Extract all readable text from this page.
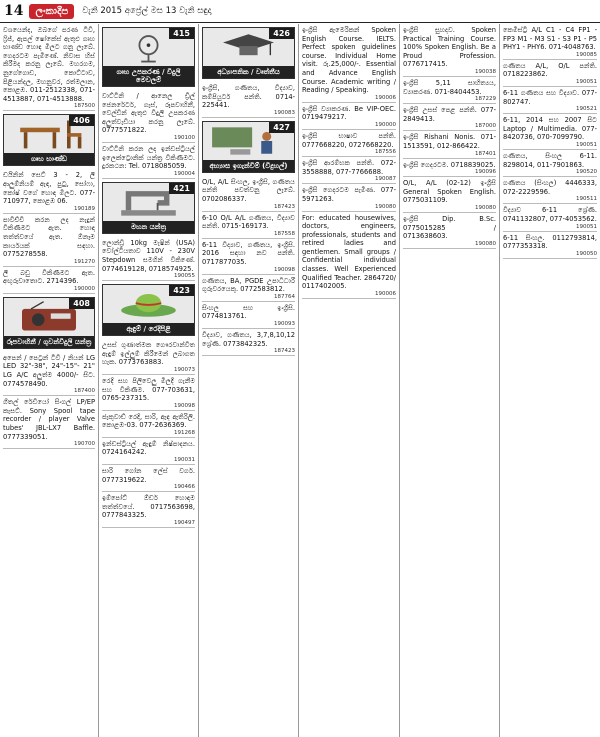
14	ලංකාදීප	වැනි 2015 අප්‍රේල් මස 13 වැනි සඳුදා
වශයෙන්ද, ඔබගේ පරණ ටීවී, ෆ්‍රිජ්, ඇපල් ෂෝකේස් ඇතුළු ගෘහ භාණ්ඩ හොඳ මිලට ගනු ලැබේ. ගෙදරටම පැමිණේ. නිවාස හිස් කිරීමද කරනු ලැබේ. මහරගම, නුගේගොඩ, කොට්ටාව, පිළියන්දල, මහනුවර, රත්මලාන, කොළඹ. 011-2512338, 071-4513887, 071-4513888.
187500
406
ගෘහ භාණ්ඩ
ඩයිනින් සෙට් 3 - 2, ලී ආලුම්නියම් ඇඳ, පුටු, සෝෆා, කෝෂ් වගේ හොඳ මිලට. 077-710977, කොළඹ 06.
190189
පාවිච්චි කරන ලද නැදුන් විකිණීමට ඇත. හොඳ තත්ත්වයේ ඇත. ඕනෑම කාර්යයක් සඳහා. 0775278558.
191270
ලී බඩු විකිණීමට ඇත. අඟුරුවාතොට. 2714396.
190000
408
රූපවාහිනී / ගුවන්විදුලි යන්ත්‍ර
අපෙන් / පෙට්‍රන් ටීවී / නියන් LG LED 32"-38", 24"-15"- 21" LG A/C අලුත්ම 4000/- සිට. 0774578490.
187400
ගීතල් රේඩියෝ සිංගල් LP/EP කැසට්. Sony Spool tape recorder / player Valve tubes' JBL-LX7 Baffle. 0777339051.
190700
415
ගෘහ උපකරණ / විදුලි මෙවලම්
වාට්ටිනි / ආනෙල ඩ්‍රිල් ජෙනරේටර්, ගැස්, රූපවාහිනී, වෙල්ඩින් ඇතුළු විදුලි උපකරණ අලුත්වැඩියා කරනු ලැබේ. 0777571822.
190100
වාට්ටිනි කරන ලද ඉන්ඩස්ට්‍රියල් ඉලෙක්ට්‍රොනික් යන්ත්‍ර විකිණීමට. දුරකථන: Tel. 0718085059.
190004
421
මහන යන්ත්‍ර
ලොන්ඩ්‍රි 10kg මැෂින් (USA) වෝල්ටීයතාව 110V - 230V Stepdown සමගින් විකිණේ. 0774619128, 0718574925.
190055
423
ඇඳුම් / රෙදිපිළි
උසස් ගුණාත්මක ගෞරවාන්විත ඇඳුම් ඉල්ලුම් කිරීමෙන් ලබාගත හැක. 0773763883.
190073
රෙදි සහ පිලිවෙලු මිලදී ගැනීම සහ විකිණීම. 077-703631, 0765-237315.
190098
ජැකුවාඩ් රෙදි, සාරි, ඇඳ ඇතිරිලි. කොළඹ-03. 077-2636369.
191268
ඉන්ඩස්ට්‍රියල් ඇඳුම් නිෂ්පාදනය. 0724164242.
190031
සාරි ගෝන ලේස් වර්ග. 0777319622.
190466
ඉම්පෝට් ඕඩර් හොඳම තත්ත්වයේ. 0717563698, 0777843325.
190497
426
අධ්‍යාපනික / වෘත්තීය
ඉංග්‍රීසි, ගණිතය, විද්‍යාව, කම්පියුටර් පන්ති. 0714-225441.
190083
427
අභ්‍යාස ඉගැන්වීම් (විදුහල්)
O/L, A/L සිංහල, ඉංග්‍රීසි, ගණිතය පන්ති පවත්වනු ලැබේ. 0702086337.
187423
6-10 O/L A/L ගණිතය, විද්‍යාව පන්ති. 0715-169173.
187558
6-11 විද්‍යාව, ගණිතය, ඉංග්‍රීසි. 2016 සඳහා නව පන්ති. 0717877035.
190098
ගණිතය, BA, PGDE උපාධිධාරී ගුරුවරයෙකු. 0772583812.
187764
සිංහල සහ ඉංග්‍රීසි. 0774813761.
190093
විද්‍යාව, ගණිතය, 3,7,8,10,12 ශ්‍රේණි. 0773842325.
187423
ඉංග්‍රීසි ඇමෙරිකන් Spoken English Course. IELTS. Perfect spoken guidelines course. Individual Home visit. රු.25,000/-. Essential and Advance English Course. Academic writing / Reading / Speaking.
190006
ඉංග්‍රීසි ව්‍යාකරණ. Be VIP-OEC. 0719479217.
190000
ඉංග්‍රීසි භාෂාව පන්ති. 0777668220, 0727668220.
187556
ඉංග්‍රීසි ආරම්භක පන්ති. 072-3558888, 077-7766688.
190087
ඉංග්‍රීසි ගෙදරටම පැමිණ. 077-5971263.
190080
For: educated housewives, doctors, engineers, professionals, students and retired ladies and gentlemen. Small groups / Confidential individual classes. Well Experienced Qualified Teacher. 2864720/ 0117402005.
190006
ඉංග්‍රීසි සුහදව. Spoken Practical Training Course. 100% Spoken English. Be a Proud Profession. 0776717415.
190038
ඉංග්‍රීසි 5,11 සාහිත්‍යය, ව්‍යාකරණ. 071-8404453.
187229
ඉංග්‍රීසි උසස් පෙළ පන්ති. 077-2849413.
187000
ඉංග්‍රීසි Rishani Nonis. 071-1513591, 012-866422.
187401
ඉංග්‍රීසි ගෙදරටම. 0718839025.
190096
O/L, A/L (02-12) ඉංග්‍රීසි General Spoken English. 0775031109.
190080
ඉංග්‍රීසි Dip. B.Sc. 0775015285 / 0713638603.
190080
කෙමිස්ට්‍රි A/L C1 - C4 FP1 - FP3 M1 - M3 S1 - S3 P1 - P5 PHY1 - PHY6. 071-4048763.
190085
ගණිතය A/L, O/L පන්ති. 0718223862.
190051
6-11 ගණිතය සහ විද්‍යාව. 077-802747.
190521
6-11, 2014 සහ 2007 සිට Laptop / Multimedia. 077-8420736, 070-7099790.
190051
ගණිතය, සිංහල 6-11. 8298014, 011-7901863.
190520
ගණිතය (සිංහල) 4446333, 072-2229596.
190511
විද්‍යාව 6-11 ශ්‍රේණි. 0741132807, 077-4053562.
190051
6-11 සිංහල. 0112793814, 0777353318.
190050
